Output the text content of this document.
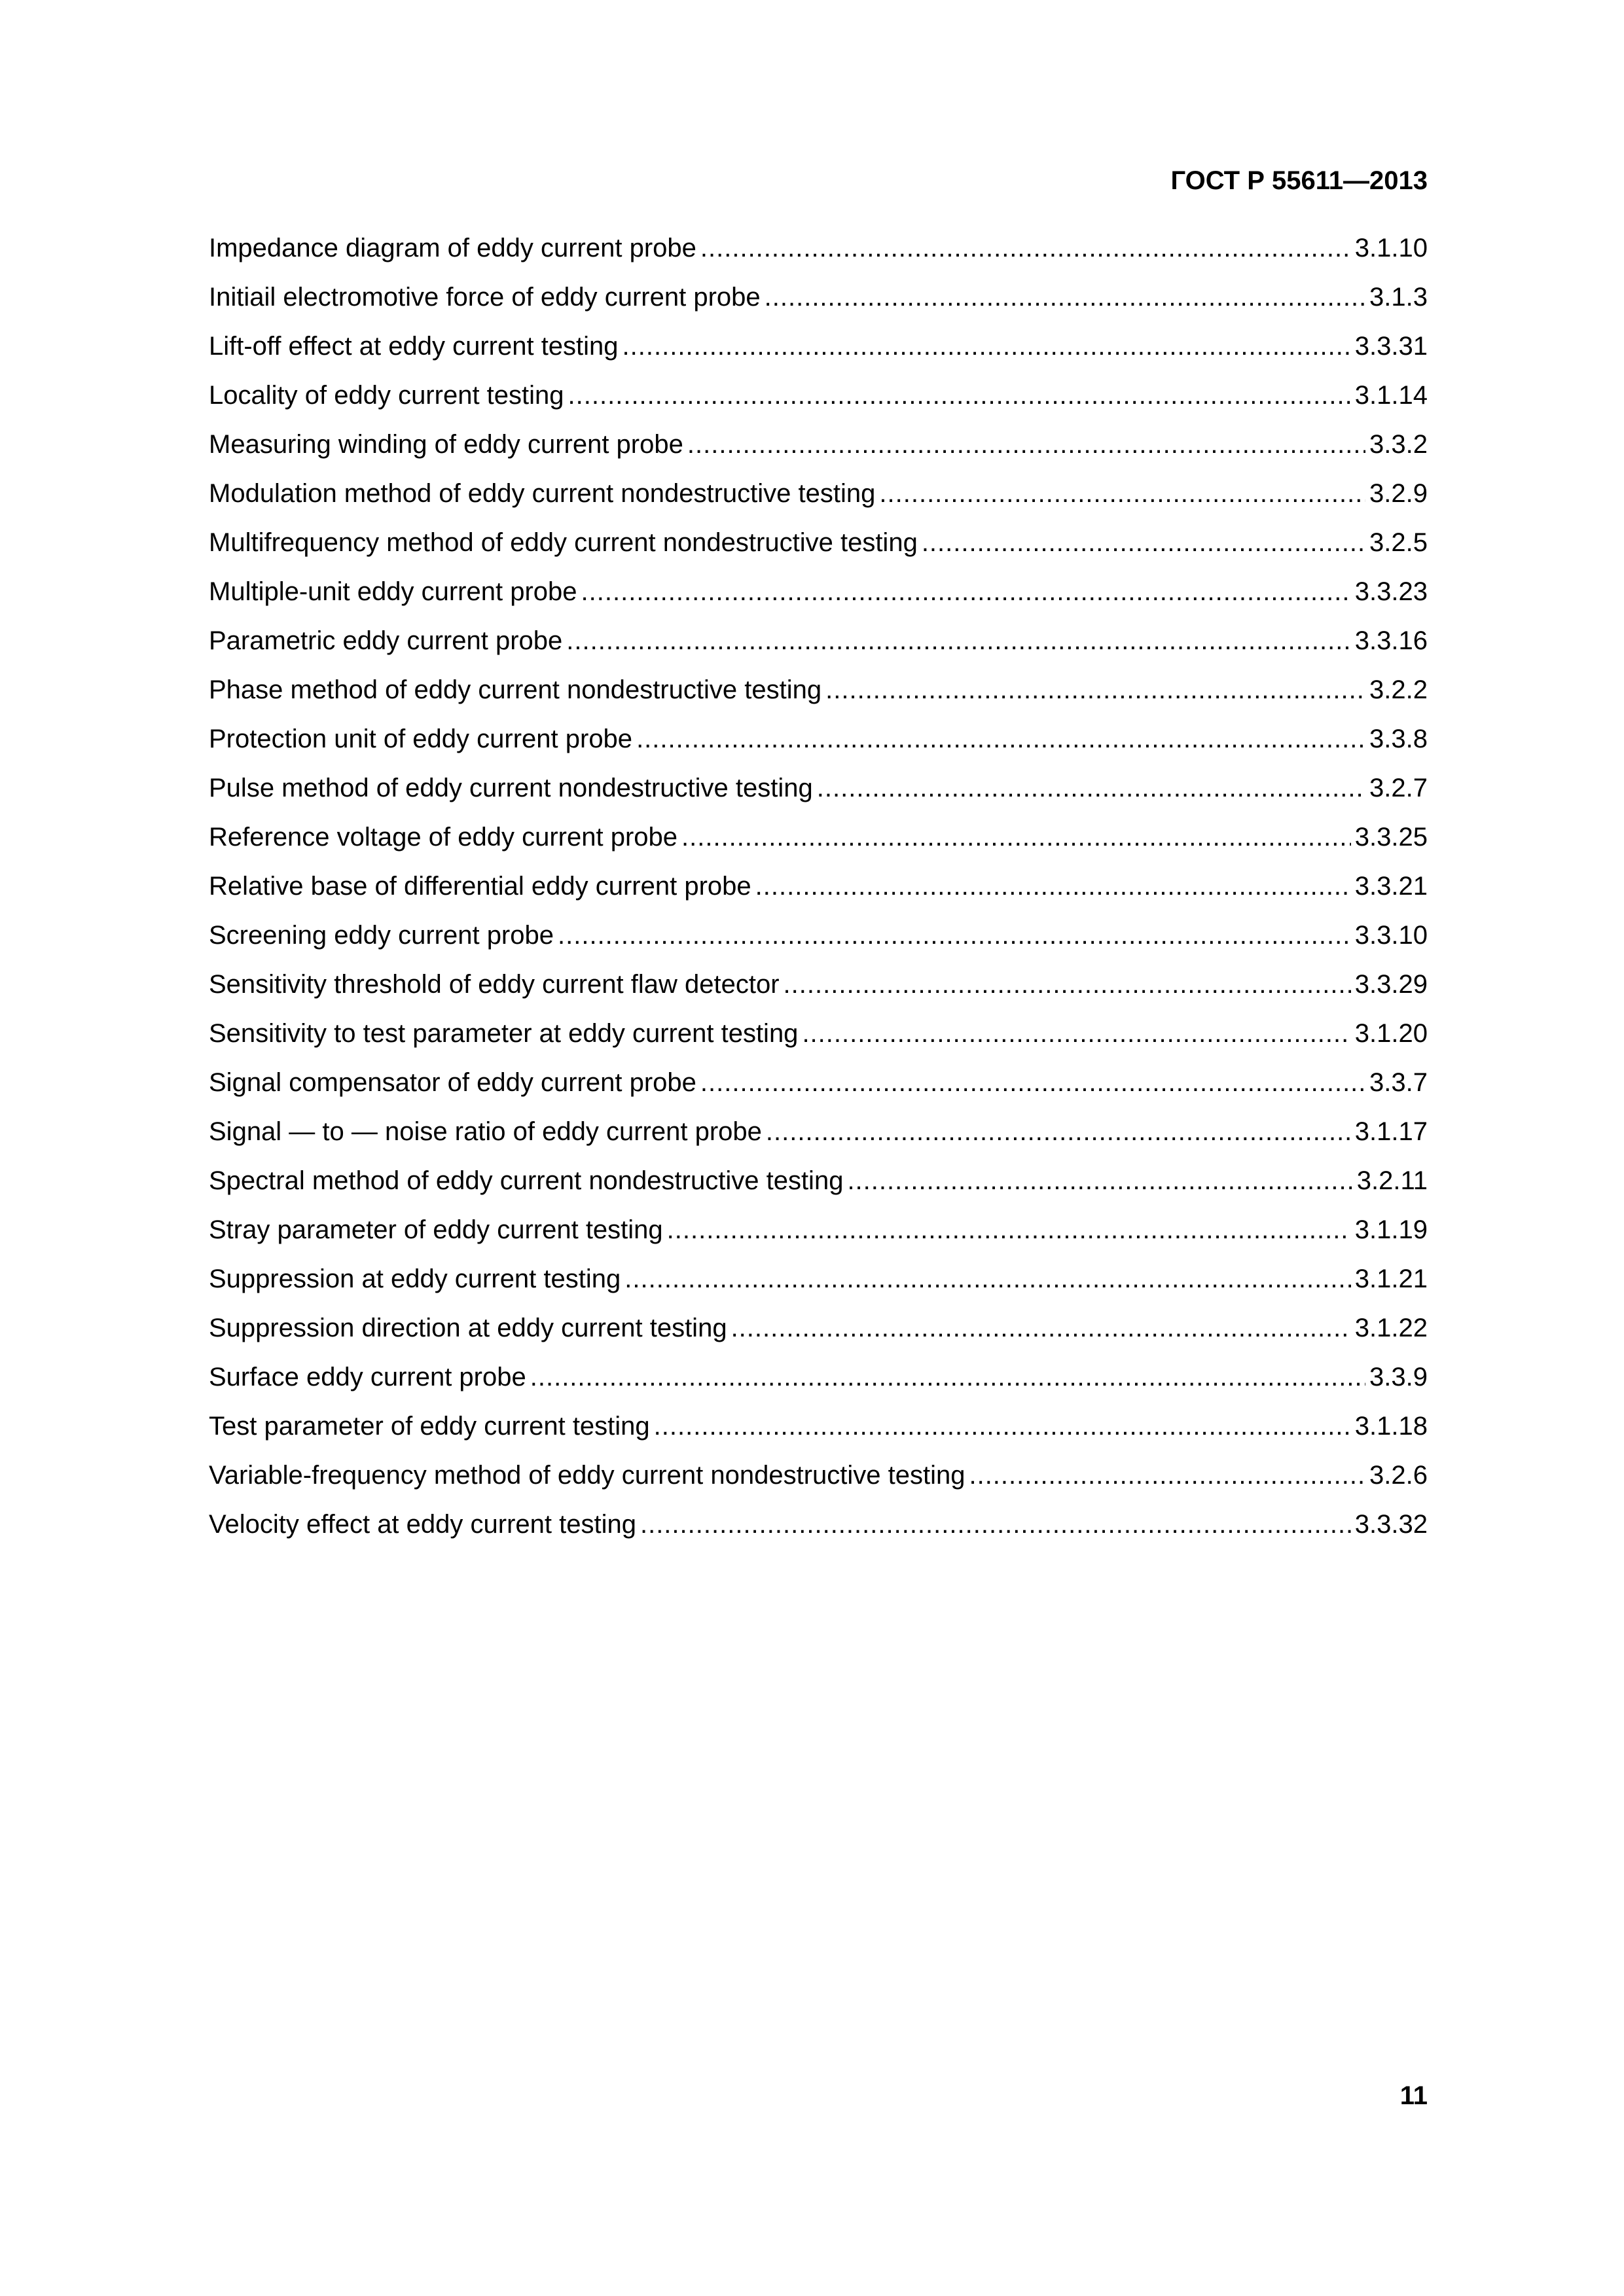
ГОСТ Р 55611—2013
Impedance diagram of eddy current probe .....	3.1.10
Initiail electromotive force of eddy current probe .....	3.1.3
Lift-off effect at eddy current testing .....	3.3.31
Locality of eddy current testing .....	3.1.14
Measuring winding of eddy current probe .....	3.3.2
Modulation method of eddy current nondestructive testing .....	3.2.9
Multifrequency method of eddy current nondestructive testing .....	3.2.5
Multiple-unit eddy current probe .....	3.3.23
Parametric eddy current probe .....	3.3.16
Phase method of eddy current nondestructive testing .....	3.2.2
Protection unit of eddy current probe .....	3.3.8
Pulse method of eddy current nondestructive testing .....	3.2.7
Reference voltage of eddy current probe .....	3.3.25
Relative base of differential eddy current probe .....	3.3.21
Screening eddy current probe .....	3.3.10
Sensitivity threshold of eddy current flaw detector .....	3.3.29
Sensitivity to test parameter at eddy current testing .....	3.1.20
Signal compensator of eddy current probe .....	3.3.7
Signal — to — noise ratio of eddy current probe .....	3.1.17
Spectral method of eddy current nondestructive testing .....	3.2.11
Stray parameter of eddy current testing .....	3.1.19
Suppression at eddy current testing .....	3.1.21
Suppression direction at eddy current testing .....	3.1.22
Surface eddy current probe .....	3.3.9
Test parameter of eddy current testing .....	3.1.18
Variable-frequency method of eddy current nondestructive testing .....	3.2.6
Velocity effect at eddy current testing .....	3.3.32
11
